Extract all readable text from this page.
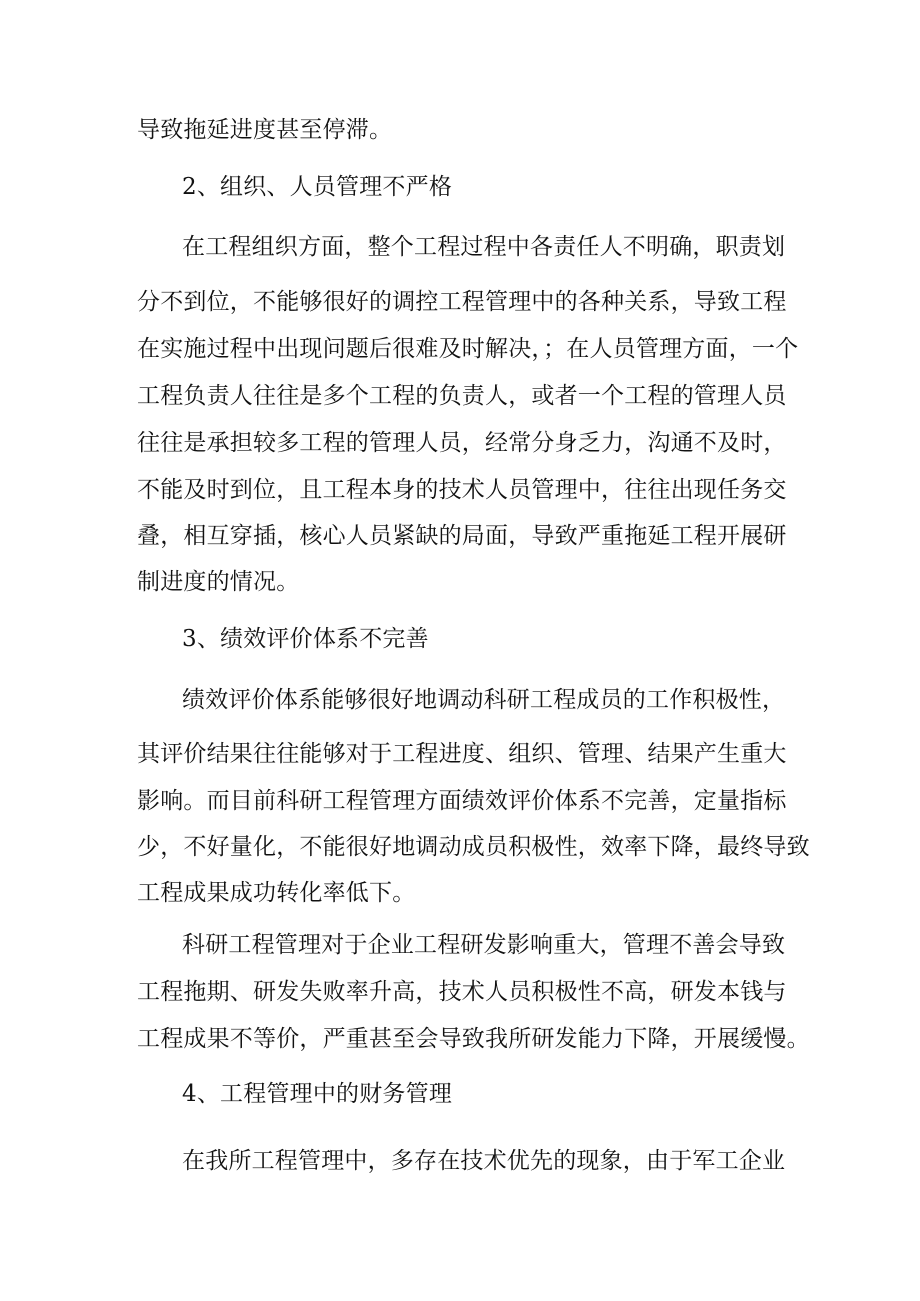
导致拖延进度甚至停滞。
2、组织、人员管理不严格
在工程组织方面，整个工程过程中各责任人不明确，职责划
分不到位，不能够很好的调控工程管理中的各种关系，导致工程
在实施过程中出现问题后很难及时解决，；在人员管理方面，一个
工程负责人往往是多个工程的负责人，或者一个工程的管理人员
往往是承担较多工程的管理人员，经常分身乏力，沟通不及时，
不能及时到位，且工程本身的技术人员管理中，往往出现任务交
叠，相互穿插，核心人员紧缺的局面，导致严重拖延工程开展研
制进度的情况。
3、绩效评价体系不完善
绩效评价体系能够很好地调动科研工程成员的工作积极性，
其评价结果往往能够对于工程进度、组织、管理、结果产生重大
影响。而目前科研工程管理方面绩效评价体系不完善，定量指标
少，不好量化，不能很好地调动成员积极性，效率下降，最终导致
工程成果成功转化率低下。
科研工程管理对于企业工程研发影响重大，管理不善会导致
工程拖期、研发失败率升高，技术人员积极性不高，研发本钱与
工程成果不等价，严重甚至会导致我所研发能力下降，开展缓慢。
4、工程管理中的财务管理
在我所工程管理中，多存在技术优先的现象，由于军工企业
